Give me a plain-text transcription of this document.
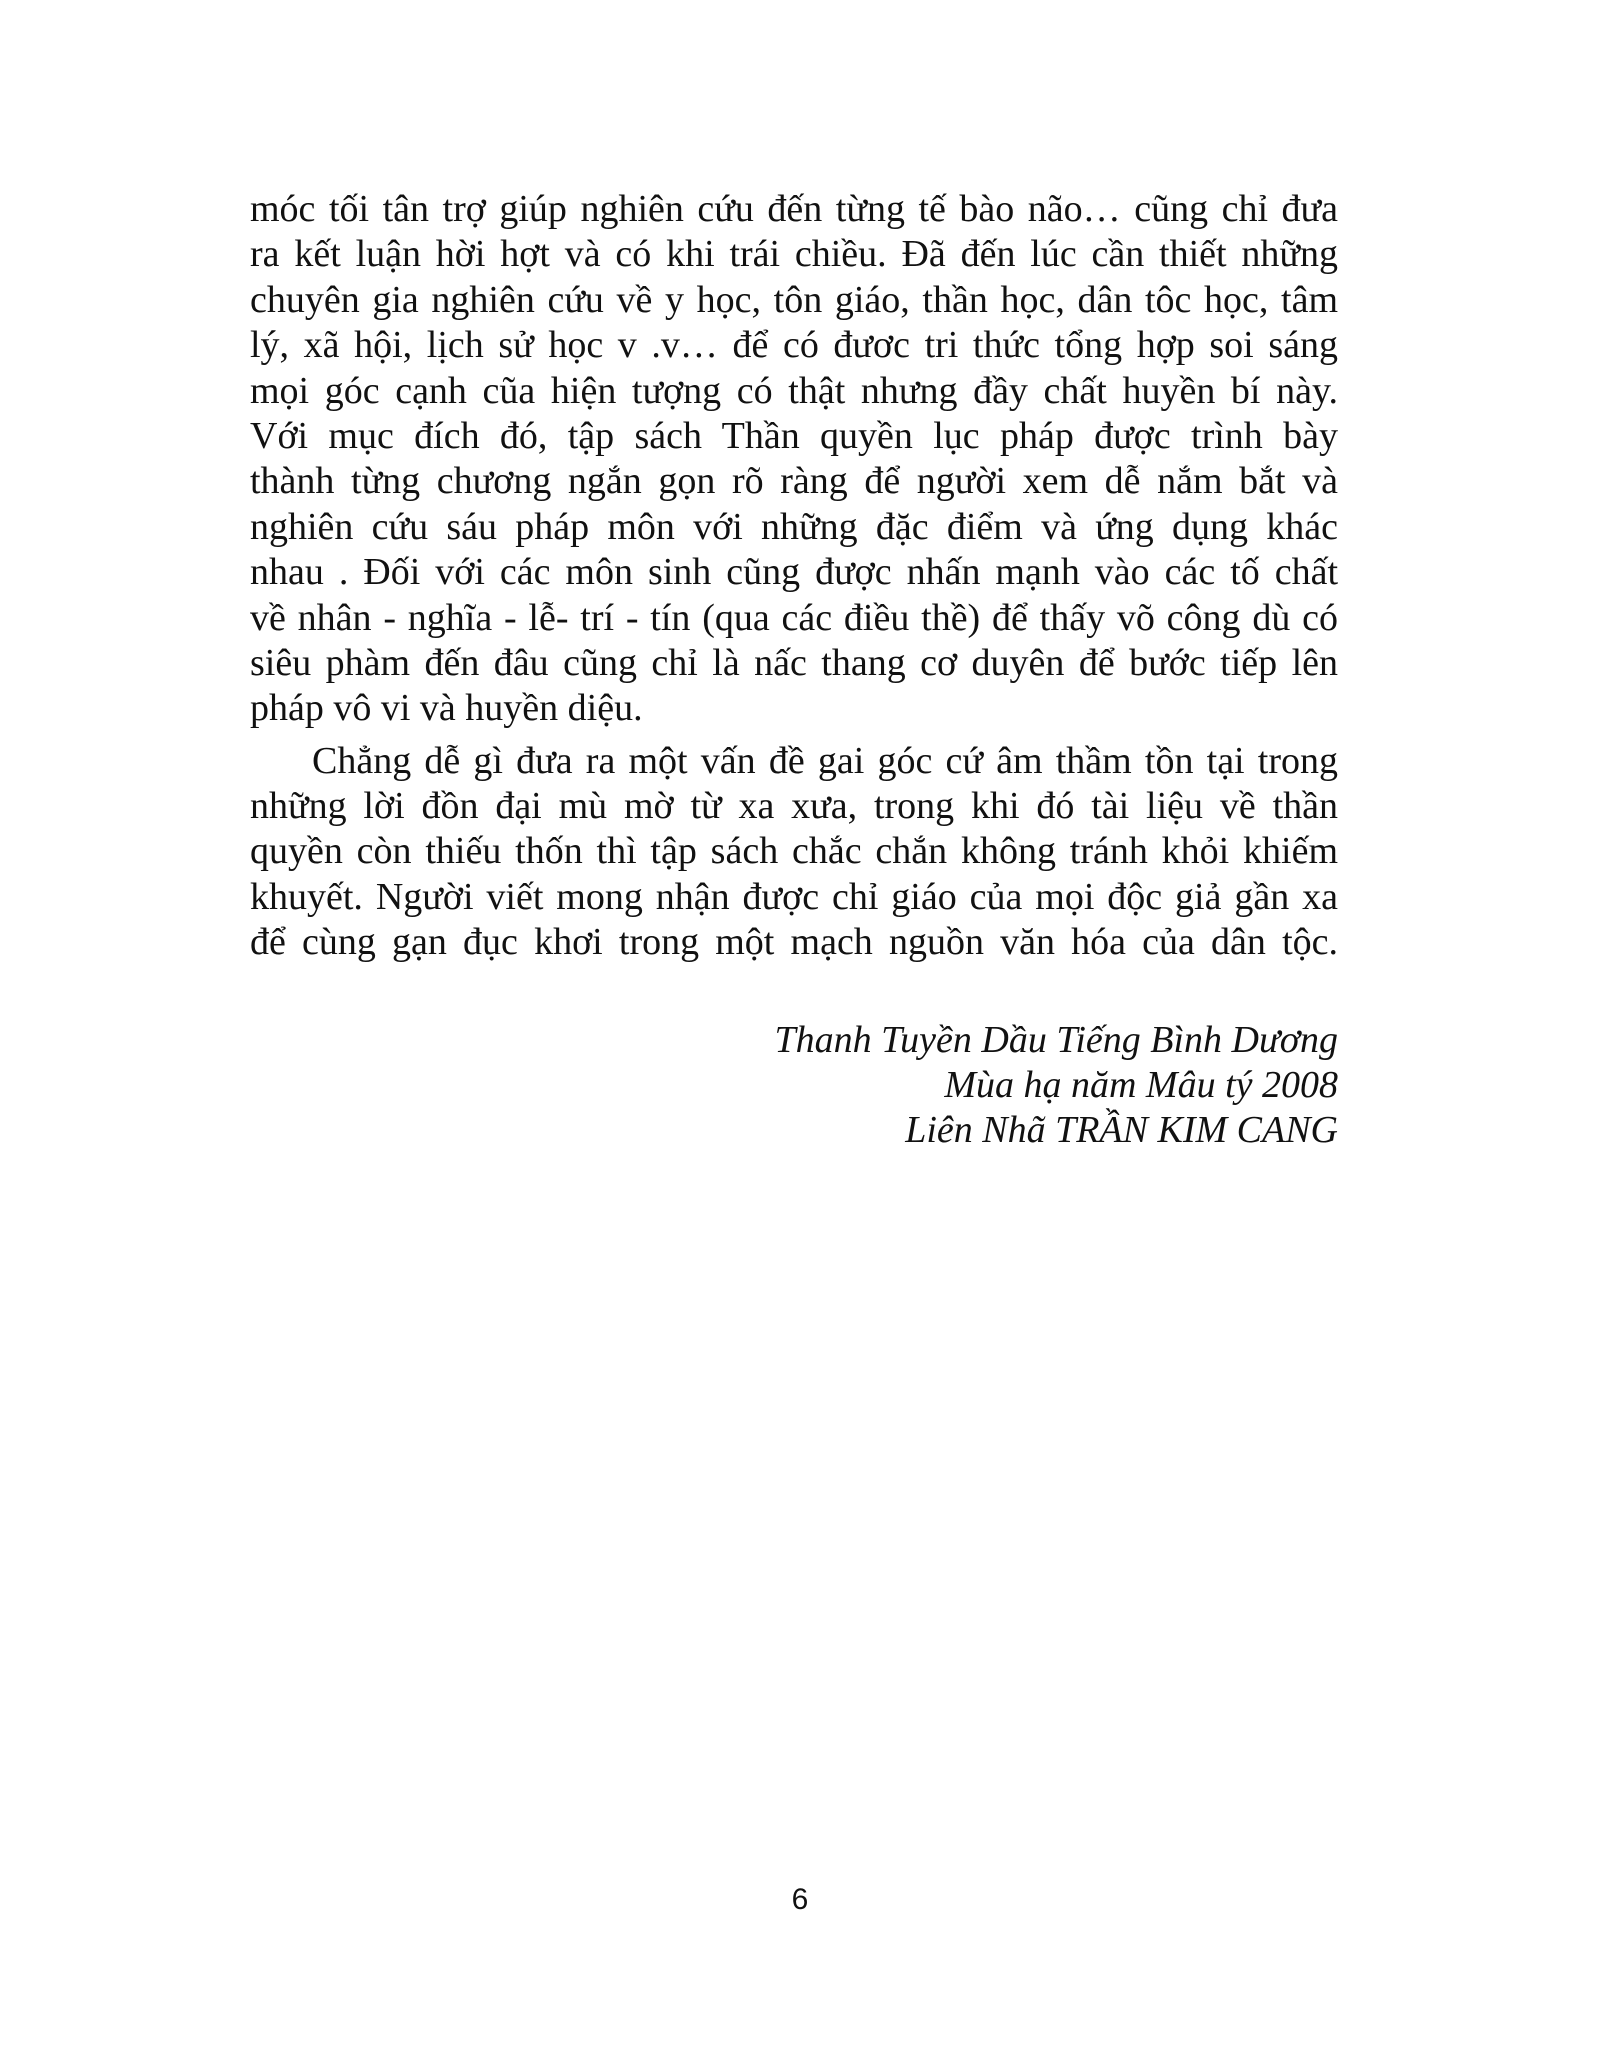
móc tối tân trợ giúp nghiên cứu đến từng tế bào não… cũng chỉ đưa
ra kết luận hời hợt và có khi trái chiều. Đã đến lúc cần thiết những
chuyên gia nghiên cứu về y học, tôn giáo, thần học, dân tôc học, tâm
lý, xã hội, lịch sử học v .v… để có đươc tri thức tổng hợp soi sáng
mọi góc cạnh cũa hiện tượng có thật nhưng đầy chất huyền bí này.
Với mục đích đó, tập sách Thần quyền lục pháp được trình bày
thành từng chương ngắn gọn rõ ràng để người xem dễ nắm bắt và
nghiên cứu sáu pháp môn với những đặc điểm và ứng dụng khác
nhau . Đối với các môn sinh cũng được nhấn mạnh vào các tố chất
về nhân - nghĩa - lễ- trí - tín (qua các điều thề) để thấy võ công dù có
siêu phàm đến đâu cũng chỉ là nấc thang cơ duyên để bước tiếp lên
pháp vô vi và huyền diệu.
Chẳng dễ gì đưa ra một vấn đề gai góc cứ âm thầm tồn tại trong
những lời đồn đại mù mờ từ xa xưa, trong khi đó tài liệu về thần
quyền còn thiếu thốn thì tập sách chắc chắn không tránh khỏi khiếm
khuyết. Người viết mong nhận được chỉ giáo của mọi độc giả gần xa
để cùng gạn đục khơi trong một mạch nguồn văn hóa của dân tộc.
Thanh Tuyền Dầu Tiếng Bình Dương
Mùa hạ năm Mâu tý 2008
Liên Nhã TRẦN KIM CANG
6
